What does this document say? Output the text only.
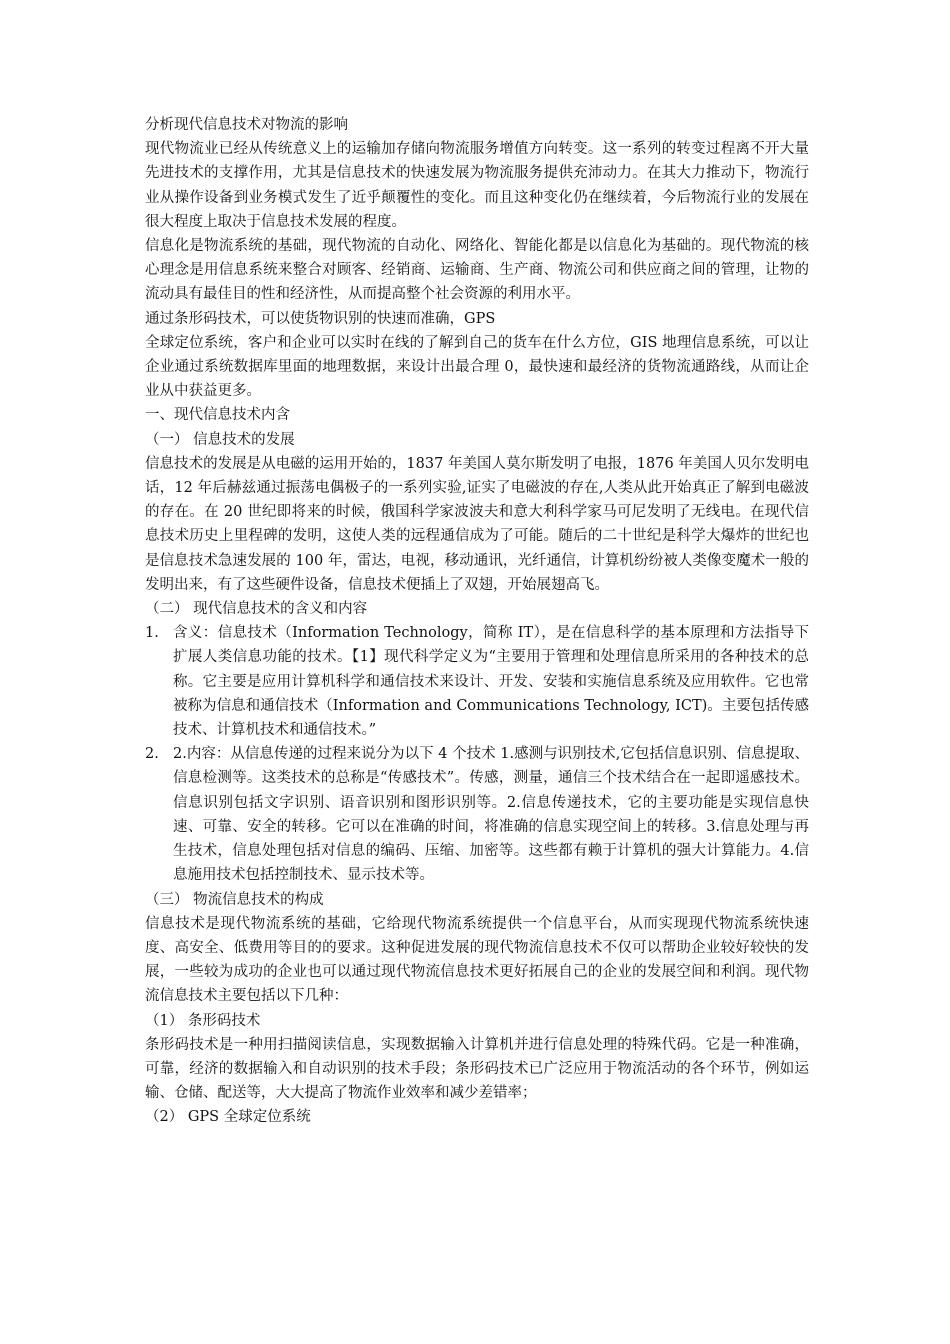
分析现代信息技术对物流的影响
现代物流业已经从传统意义上的运输加存储向物流服务增值方向转变。这一系列的转变过程离不开大量先进技术的支撑作用，尤其是信息技术的快速发展为物流服务提供充沛动力。在其大力推动下，物流行业从操作设备到业务模式发生了近乎颠覆性的变化。而且这种变化仍在继续着，今后物流行业的发展在很大程度上取决于信息技术发展的程度。
信息化是物流系统的基础，现代物流的自动化、网络化、智能化都是以信息化为基础的。现代物流的核心理念是用信息系统来整合对顾客、经销商、运输商、生产商、物流公司和供应商之间的管理，让物的流动具有最佳目的性和经济性，从而提高整个社会资源的利用水平。
通过条形码技术，可以使货物识别的快速而准确，GPS
全球定位系统，客户和企业可以实时在线的了解到自己的货车在什么方位，GIS 地理信息系统，可以让企业通过系统数据库里面的地理数据，来设计出最合理 0，最快速和最经济的货物流通路线，从而让企业从中获益更多。
一、现代信息技术内含
（一） 信息技术的发展
信息技术的发展是从电磁的运用开始的，1837 年美国人莫尔斯发明了电报，1876 年美国人贝尔发明电话，12 年后赫兹通过振荡电偶极子的一系列实验,证实了电磁波的存在,人类从此开始真正了解到电磁波的存在。在 20 世纪即将来的时候，俄国科学家波波夫和意大利科学家马可尼发明了无线电。在现代信息技术历史上里程碑的发明，这使人类的远程通信成为了可能。随后的二十世纪是科学大爆炸的世纪也是信息技术急速发展的 100 年，雷达，电视，移动通讯，光纤通信，计算机纷纷被人类像变魔术一般的发明出来，有了这些硬件设备，信息技术便插上了双翅，开始展翅高飞。
（二） 现代信息技术的含义和内容
1. 含义：信息技术（Information Technology，简称 IT），是在信息科学的基本原理和方法指导下扩展人类信息功能的技术。【1】现代科学定义为“主要用于管理和处理信息所采用的各种技术的总称。它主要是应用计算机科学和通信技术来设计、开发、安装和实施信息系统及应用软件。它也常被称为信息和通信技术（Information and Communications Technology, ICT)。主要包括传感技术、计算机技术和通信技术。”
2. 2.内容：从信息传递的过程来说分为以下 4 个技术 1.感测与识别技术,它包括信息识别、信息提取、信息检测等。这类技术的总称是“传感技术”。传感，测量，通信三个技术结合在一起即遥感技术。信息识别包括文字识别、语音识别和图形识别等。2.信息传递技术，它的主要功能是实现信息快速、可靠、安全的转移。它可以在准确的时间，将准确的信息实现空间上的转移。3.信息处理与再生技术，信息处理包括对信息的编码、压缩、加密等。这些都有赖于计算机的强大计算能力。4.信息施用技术包括控制技术、显示技术等。
（三） 物流信息技术的构成
信息技术是现代物流系统的基础，它给现代物流系统提供一个信息平台，从而实现现代物流系统快速度、高安全、低费用等目的的要求。这种促进发展的现代物流信息技术不仅可以帮助企业较好较快的发展，一些较为成功的企业也可以通过现代物流信息技术更好拓展自己的企业的发展空间和利润。现代物流信息技术主要包括以下几种：
（1） 条形码技术
条形码技术是一种用扫描阅读信息，实现数据输入计算机并进行信息处理的特殊代码。它是一种准确，可靠，经济的数据输入和自动识别的技术手段；条形码技术已广泛应用于物流活动的各个环节，例如运输、仓储、配送等，大大提高了物流作业效率和减少差错率；
（2） GPS 全球定位系统
